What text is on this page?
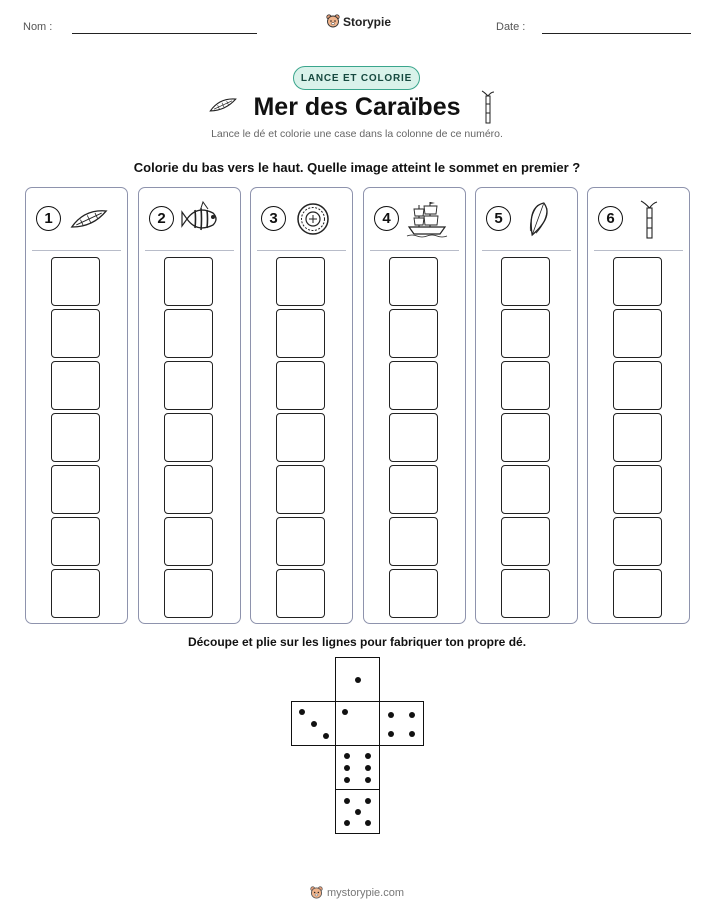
Nom :	Storypie	Date :
LANCE ET COLORIE
Mer des Caraïbes
Lance le dé et colorie une case dans la colonne de ce numéro.
Colorie du bas vers le haut. Quelle image atteint le sommet en premier ?
1	2	3	4	5	6
Découpe et plie sur les lignes pour fabriquer ton propre dé.
mystorypie.com
